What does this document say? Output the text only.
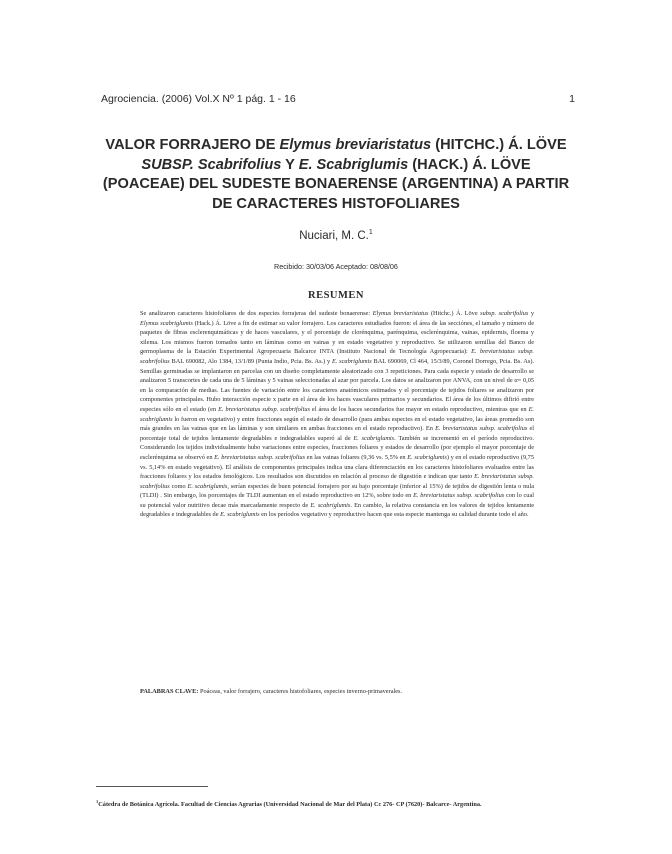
Agrociencia. (2006) Vol.X Nº 1 pág. 1 - 16	1
VALOR FORRAJERO DE Elymus breviaristatus (HITCHC.) Á. LÖVE
SUBSP. Scabrifolius Y E. Scabriglumis (HACK.) Á. LÖVE
(POACEAE) DEL SUDESTE BONAERENSE (ARGENTINA) A PARTIR
DE CARACTERES HISTOFOLIARES
Nuciari, M. C.$^1$
Recibido: 30/03/06 Aceptado: 08/08/06
RESUMEN
Se analizaron caracteres histofoliares de dos especies forrajeras del sudeste bonaerense: Elymus breviaristatus (Hitchc.) Á. Löve subsp. scabrifolius y Elymus scabriglumis (Hack.) Á. Löve a fin de estimar su valor forrajero. Los caracteres estudiados fueron: el área de las secciónes, el tamaño y número de paquetes de fibras esclerenquimáticas y de haces vasculares, y el porcentaje de clorénquima, parénquima, esclerénquima, vainas, epidermis, floema y xilema. Los mismos fueron tomados tanto en láminas como en vainas y en estado vegetativo y reproductivo. Se utilizaron semillas del Banco de germoplasma de la Estación Experimental Agropecuaria Balcarce INTA (Instituto Nacional de Tecnología Agropecuaria): E. breviaristatus subsp. scabrifolius BAL 690082, Alo 1384, 13/1/89 (Punta Indio, Pcia. Bs. As.) y E. scabriglumis BAL 690069, Cl 464, 15/3/89, Coronel Dorrego, Pcia. Bs. As). Semillas germinadas se implantaron en parcelas con un diseño completamente aleatorizado con 3 repeticiones. Para cada especie y estado de desarrollo se analizaron 5 transcortes de cada una de 5 láminas y 5 vainas seleccionadas al azar por parcela. Los datos se analizaron por ANVA, con un nivel de α= 0,05 en la comparación de medias. Las fuentes de variación entre los caracteres anatómicos estimados y el porcentaje de tejidos foliares se analizaron por componentes principales. Hubo interacción especie x parte en el área de los haces vasculares primarios y secundarios. El área de los últimos difirió entre especies sólo en el estado (en E. breviaristatus subsp. scabrifolius el área de los haces secundarios fue mayor en estado reproductivo, mientras que en E. scabriglumis lo fueron en vegetativo) y entre fracciones según el estado de desarrollo (para ambas especies en el estado vegetativo, las áreas promedio son más grandes en las vainas que en las láminas y son similares en ambas fracciones en el estado reproductivo). En E. breviaristatus subsp. scabrifolius el porcentaje total de tejidos lentamente degradables e indegradables superó al de E. scabriglumis. También se incrementó en el período reproductivo. Considerando los tejidos individualmente hubo variaciones entre especies, fracciones foliares y estados de desarrollo (por ejemplo el mayor porcentaje de esclerénquima se observó en E. breviaristatus subsp. scabrifolius en las vainas foliares (9,36 vs. 5,5% en E. scabriglumis) y en el estado reproductivo (9,75 vs. 5,14% en estado vegetativo). El análisis de componentes principales indica una clara diferenciación en los caracteres histofoliares evaluados entre las fracciones foliares y los estados fenológicos. Los resultados son discutidos en relación al proceso de digestión e indican que tanto E. breviaristatus subsp. scabrifolius como E. scabriglumis, serían especies de buen potencial forrajero por su bajo porcentaje (inferior al 15%) de tejidos de digestión lenta o nula (TLDI) . Sin embargo, los porcentajes de TLDI aumentan en el estado reproductivo en 12%, sobre todo en E. breviaristatus subsp. scabrifolius con lo cual su potencial valor nutritivo decae más marcadamente respecto de E. scabriglumis. En cambio, la relativa constancia en los valores de tejidos lentamente degradables e indegradables de E. scabriglumis en los períodos vegetativo y reproductivo hacen que esta especie mantenga su calidad durante todo el año.
PALABRAS CLAVE: Poáceas, valor forrajero, caracteres histofoliares, especies inverno-primaverales.
$^1$Cátedra de Botánica Agrícola. Facultad de Ciencias Agrarias (Universidad Nacional de Mar del Plata) Cc 276- CP (7620)- Balcarce- Argentina.
